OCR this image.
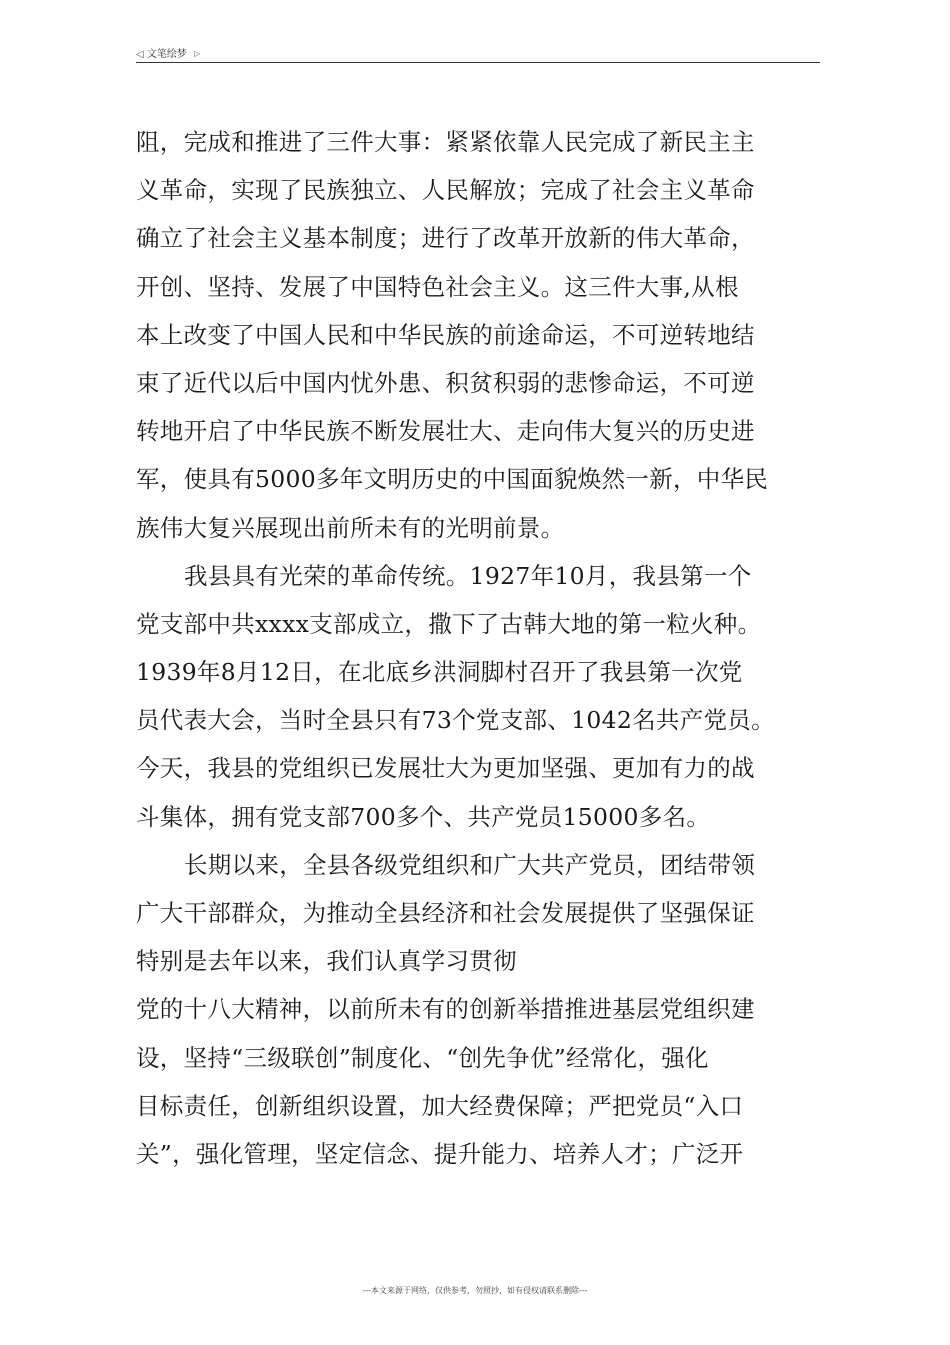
◁ 文笔绘梦 ▷
阻，完成和推进了三件大事：紧紧依靠人民完成了新民主主
义革命，实现了民族独立、人民解放；完成了社会主义革命
确立了社会主义基本制度；进行了改革开放新的伟大革命，
开创、坚持、发展了中国特色社会主义。这三件大事,从根
本上改变了中国人民和中华民族的前途命运，不可逆转地结
束了近代以后中国内忧外患、积贫积弱的悲惨命运，不可逆
转地开启了中华民族不断发展壮大、走向伟大复兴的历史进
军，使具有5000多年文明历史的中国面貌焕然一新，中华民
族伟大复兴展现出前所未有的光明前景。
我县具有光荣的革命传统。1927年10月，我县第一个
党支部中共xxxx支部成立，撒下了古韩大地的第一粒火种。
1939年8月12日，在北底乡洪洞脚村召开了我县第一次党
员代表大会，当时全县只有73个党支部、1042名共产党员。
今天，我县的党组织已发展壮大为更加坚强、更加有力的战
斗集体，拥有党支部700多个、共产党员15000多名。
长期以来，全县各级党组织和广大共产党员，团结带领
广大干部群众，为推动全县经济和社会发展提供了坚强保证
特别是去年以来，我们认真学习贯彻
党的十八大精神，以前所未有的创新举措推进基层党组织建
设，坚持“三级联创”制度化、“创先争优”经常化，强化
目标责任，创新组织设置，加大经费保障；严把党员“入口
关”，强化管理，坚定信念、提升能力、培养人才；广泛开
---本文来源于网络，仅供参考，勿照抄，如有侵权请联系删除---
